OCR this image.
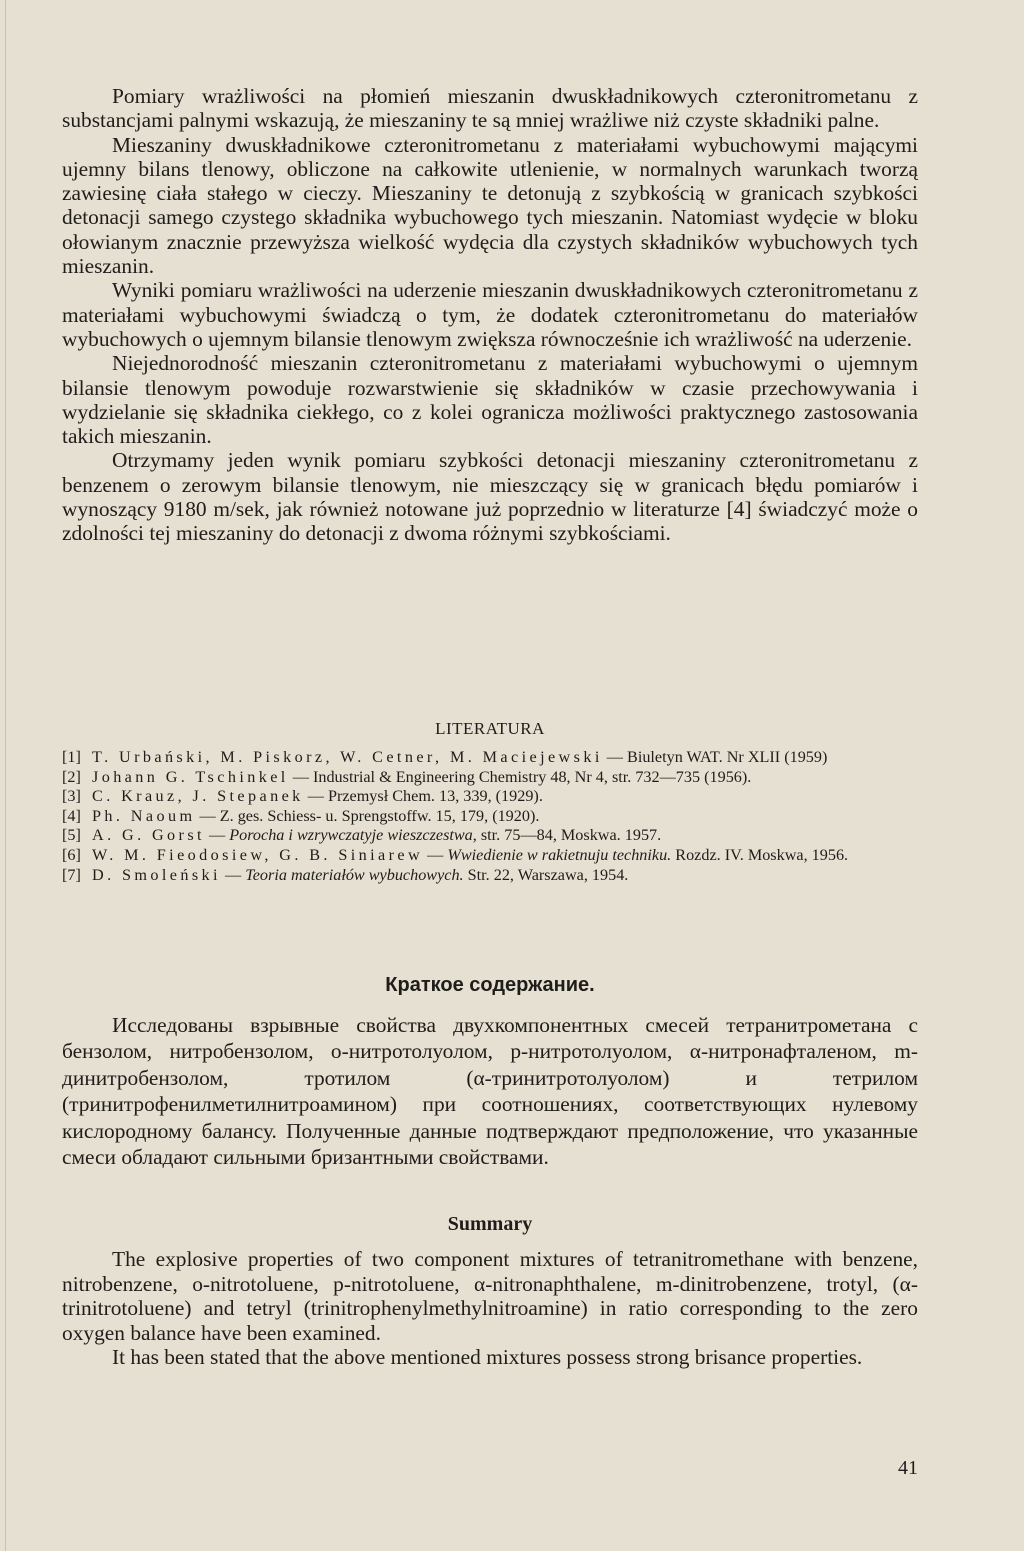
Pomiary wrażliwości na płomień mieszanin dwuskładnikowych czteronitrometanu z substancjami palnymi wskazują, że mieszaniny te są mniej wrażliwe niż czyste składniki palne.

Mieszaniny dwuskładnikowe czteronitrometanu z materiałami wybuchowymi mającymi ujemny bilans tlenowy, obliczone na całkowite utlenienie, w normalnych warunkach tworzą zawiesinę ciała stałego w cieczy. Mieszaniny te detonują z szybkością w granicach szybkości detonacji samego czystego składnika wybuchowego tych mieszanin. Natomiast wydęcie w bloku ołowianym znacznie przewyższa wielkość wydęcia dla czystych składników wybuchowych tych mieszanin.

Wyniki pomiaru wrażliwości na uderzenie mieszanin dwuskładnikowych czteronitrometanu z materiałami wybuchowymi świadczą o tym, że dodatek czteronitrometanu do materiałów wybuchowych o ujemnym bilansie tlenowym zwiększa równocześnie ich wrażliwość na uderzenie.

Niejednorodność mieszanin czteronitrometanu z materiałami wybuchowymi o ujemnym bilansie tlenowym powoduje rozwarstwienie się składników w czasie przechowywania i wydzielanie się składnika ciekłego, co z kolei ogranicza możliwości praktycznego zastosowania takich mieszanin.

Otrzymamy jeden wynik pomiaru szybkości detonacji mieszaniny czteronitrometanu z benzenem o zerowym bilansie tlenowym, nie mieszczący się w granicach błędu pomiarów i wynoszący 9180 m/sek, jak również notowane już poprzednio w literaturze [4] świadczyć może o zdolności tej mieszaniny do detonacji z dwoma różnymi szybkościami.

LITERATURA
[1] T. Urbański, M. Piskorz, W. Cetner, M. Maciejewski — Biuletyn WAT. Nr XLII (1959)
[2] Johann G. Tschinkel — Industrial & Engineering Chemistry 48, Nr 4, str. 732—735 (1956).
[3] C. Krauz, J. Stepanek — Przemysł Chem. 13, 339, (1929).
[4] Ph. Naoum — Z. ges. Schiess- u. Sprengstoffw. 15, 179, (1920).
[5] A. G. Gorst — Porocha i wzrywczatyje wieszczestwa, str. 75—84, Moskwa. 1957.
[6] W. M. Fieodosiew, G. B. Siniarew — Wwiedienie w rakietnuju techniku. Rozdz. IV. Moskwa, 1956.
[7] D. Smoleński — Teoria materiałów wybuchowych. Str. 22, Warszawa, 1954.
Краткое содержание.

Исследованы взрывные свойства двухкомпонентных смесей тетранитрометана с бензолом, нитробензолом, о-нитротолуолом, р-нитротолуолом, α-нитронафталеном, m-динитробензолом, тротилом (α-тринитротолуолом) и тетрилом (тринитрофенилметилнитроамином) при соотношениях, соответствующих нулевому кислородному балансу. Полученные данные подтверждают предположение, что указанные смеси обладают сильными бризантными свойствами.

Summary

The explosive properties of two component mixtures of tetranitromethane with benzene, nitrobenzene, o-nitrotoluene, p-nitrotoluene, α-nitronaphthalene, m-dinitrobenzene, trotyl, (α-trinitrotoluene) and tetryl (trinitrophenylmethylnitroamine) in ratio corresponding to the zero oxygen balance have been examined.

It has been stated that the above mentioned mixtures possess strong brisance properties.

41
